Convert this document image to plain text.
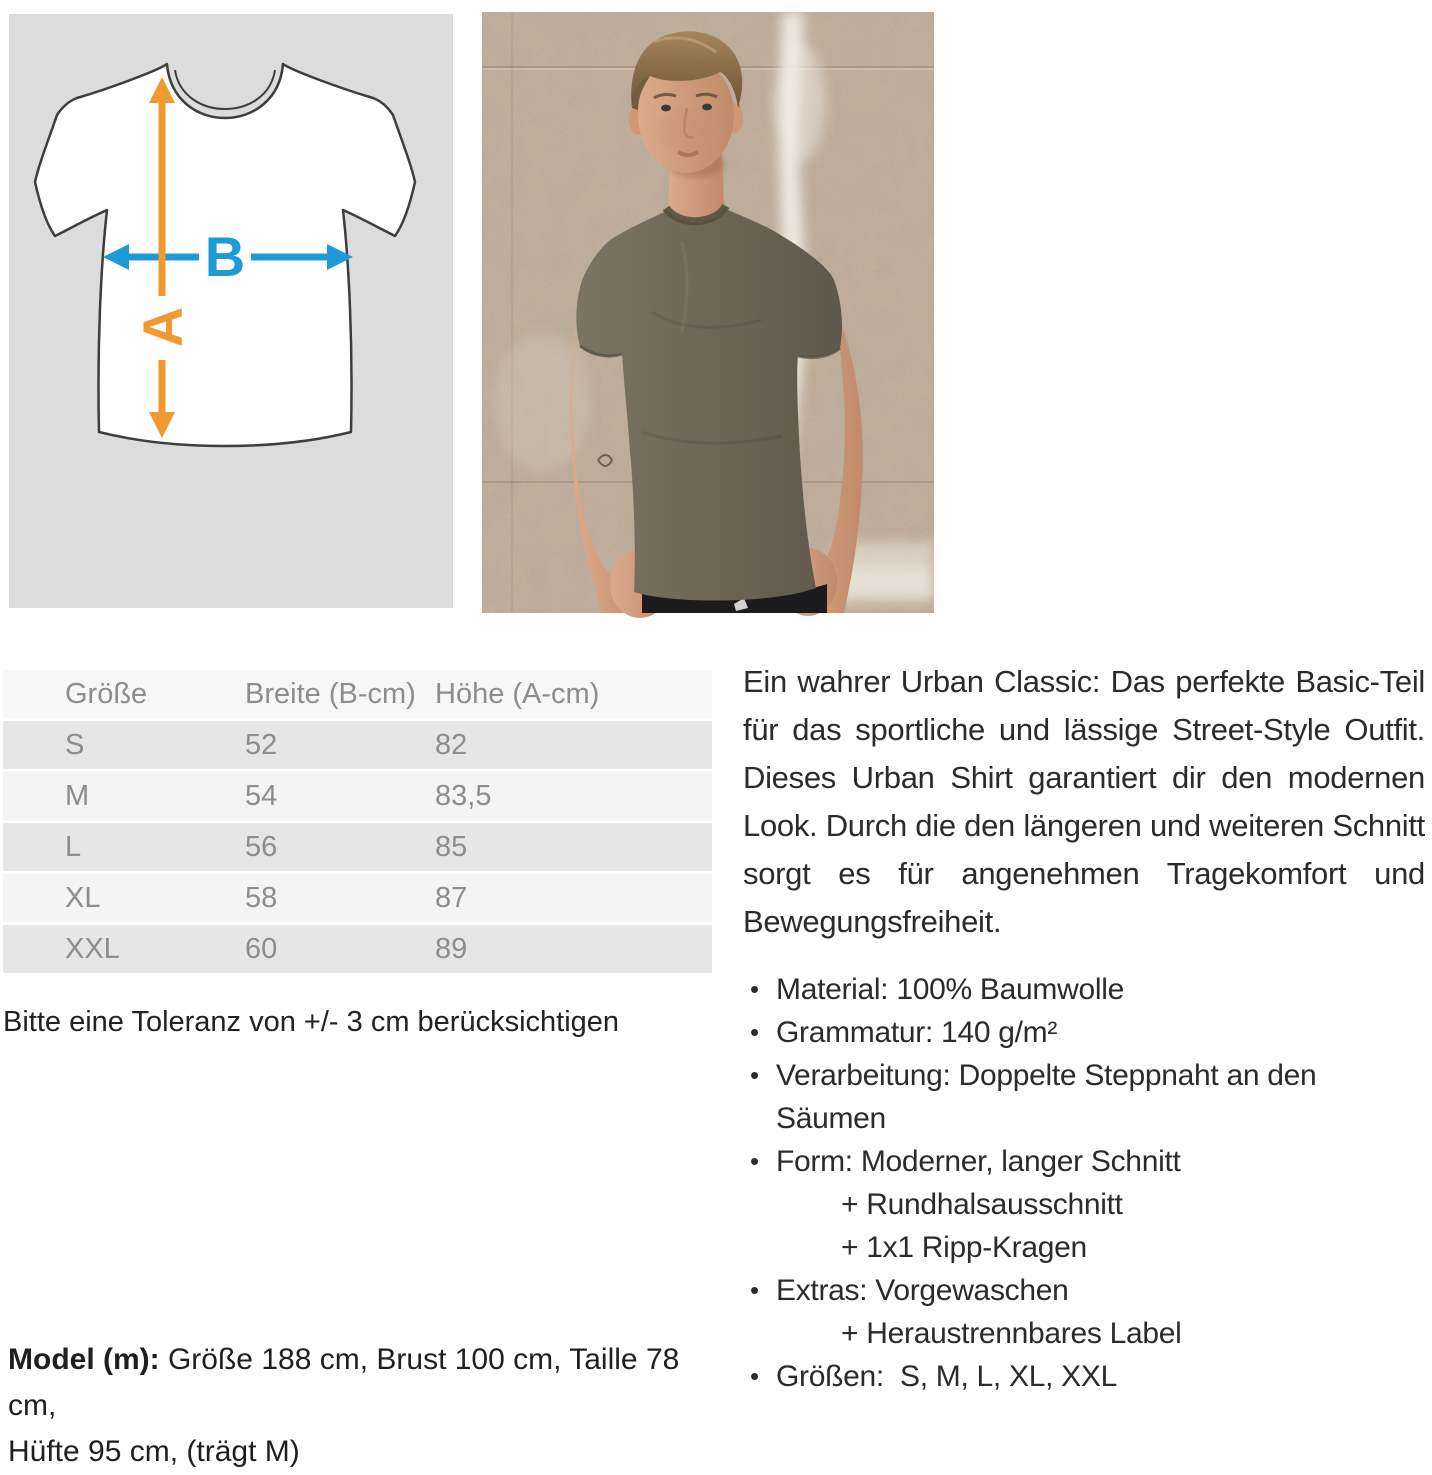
B
A
Größe	Breite (B-cm)	Höhe (A-cm)
S	52	82
M	54	83,5
L	56	85
XL	58	87
XXL	60	89
Bitte eine Toleranz von +/- 3 cm berücksichtigen

Ein wahrer Urban Classic: Das perfekte Basic-Teil für das sportliche und lässige Street-Style Outfit. Dieses Urban Shirt garantiert dir den modernen Look. Durch die den längeren und weiteren Schnitt sorgt es für angenehmen Tragekomfort und Bewegungsfreiheit.

• Material: 100% Baumwolle
• Grammatur: 140 g/m²
• Verarbeitung: Doppelte Steppnaht an den Säumen
• Form: Moderner, langer Schnitt
+ Rundhalsausschnitt
+ 1x1 Ripp-Kragen
• Extras: Vorgewaschen
+ Heraustrennbares Label
• Größen:  S, M, L, XL, XXL
Model (m): Größe 188 cm, Brust 100 cm, Taille 78 cm,
Hüfte 95 cm, (trägt M)
